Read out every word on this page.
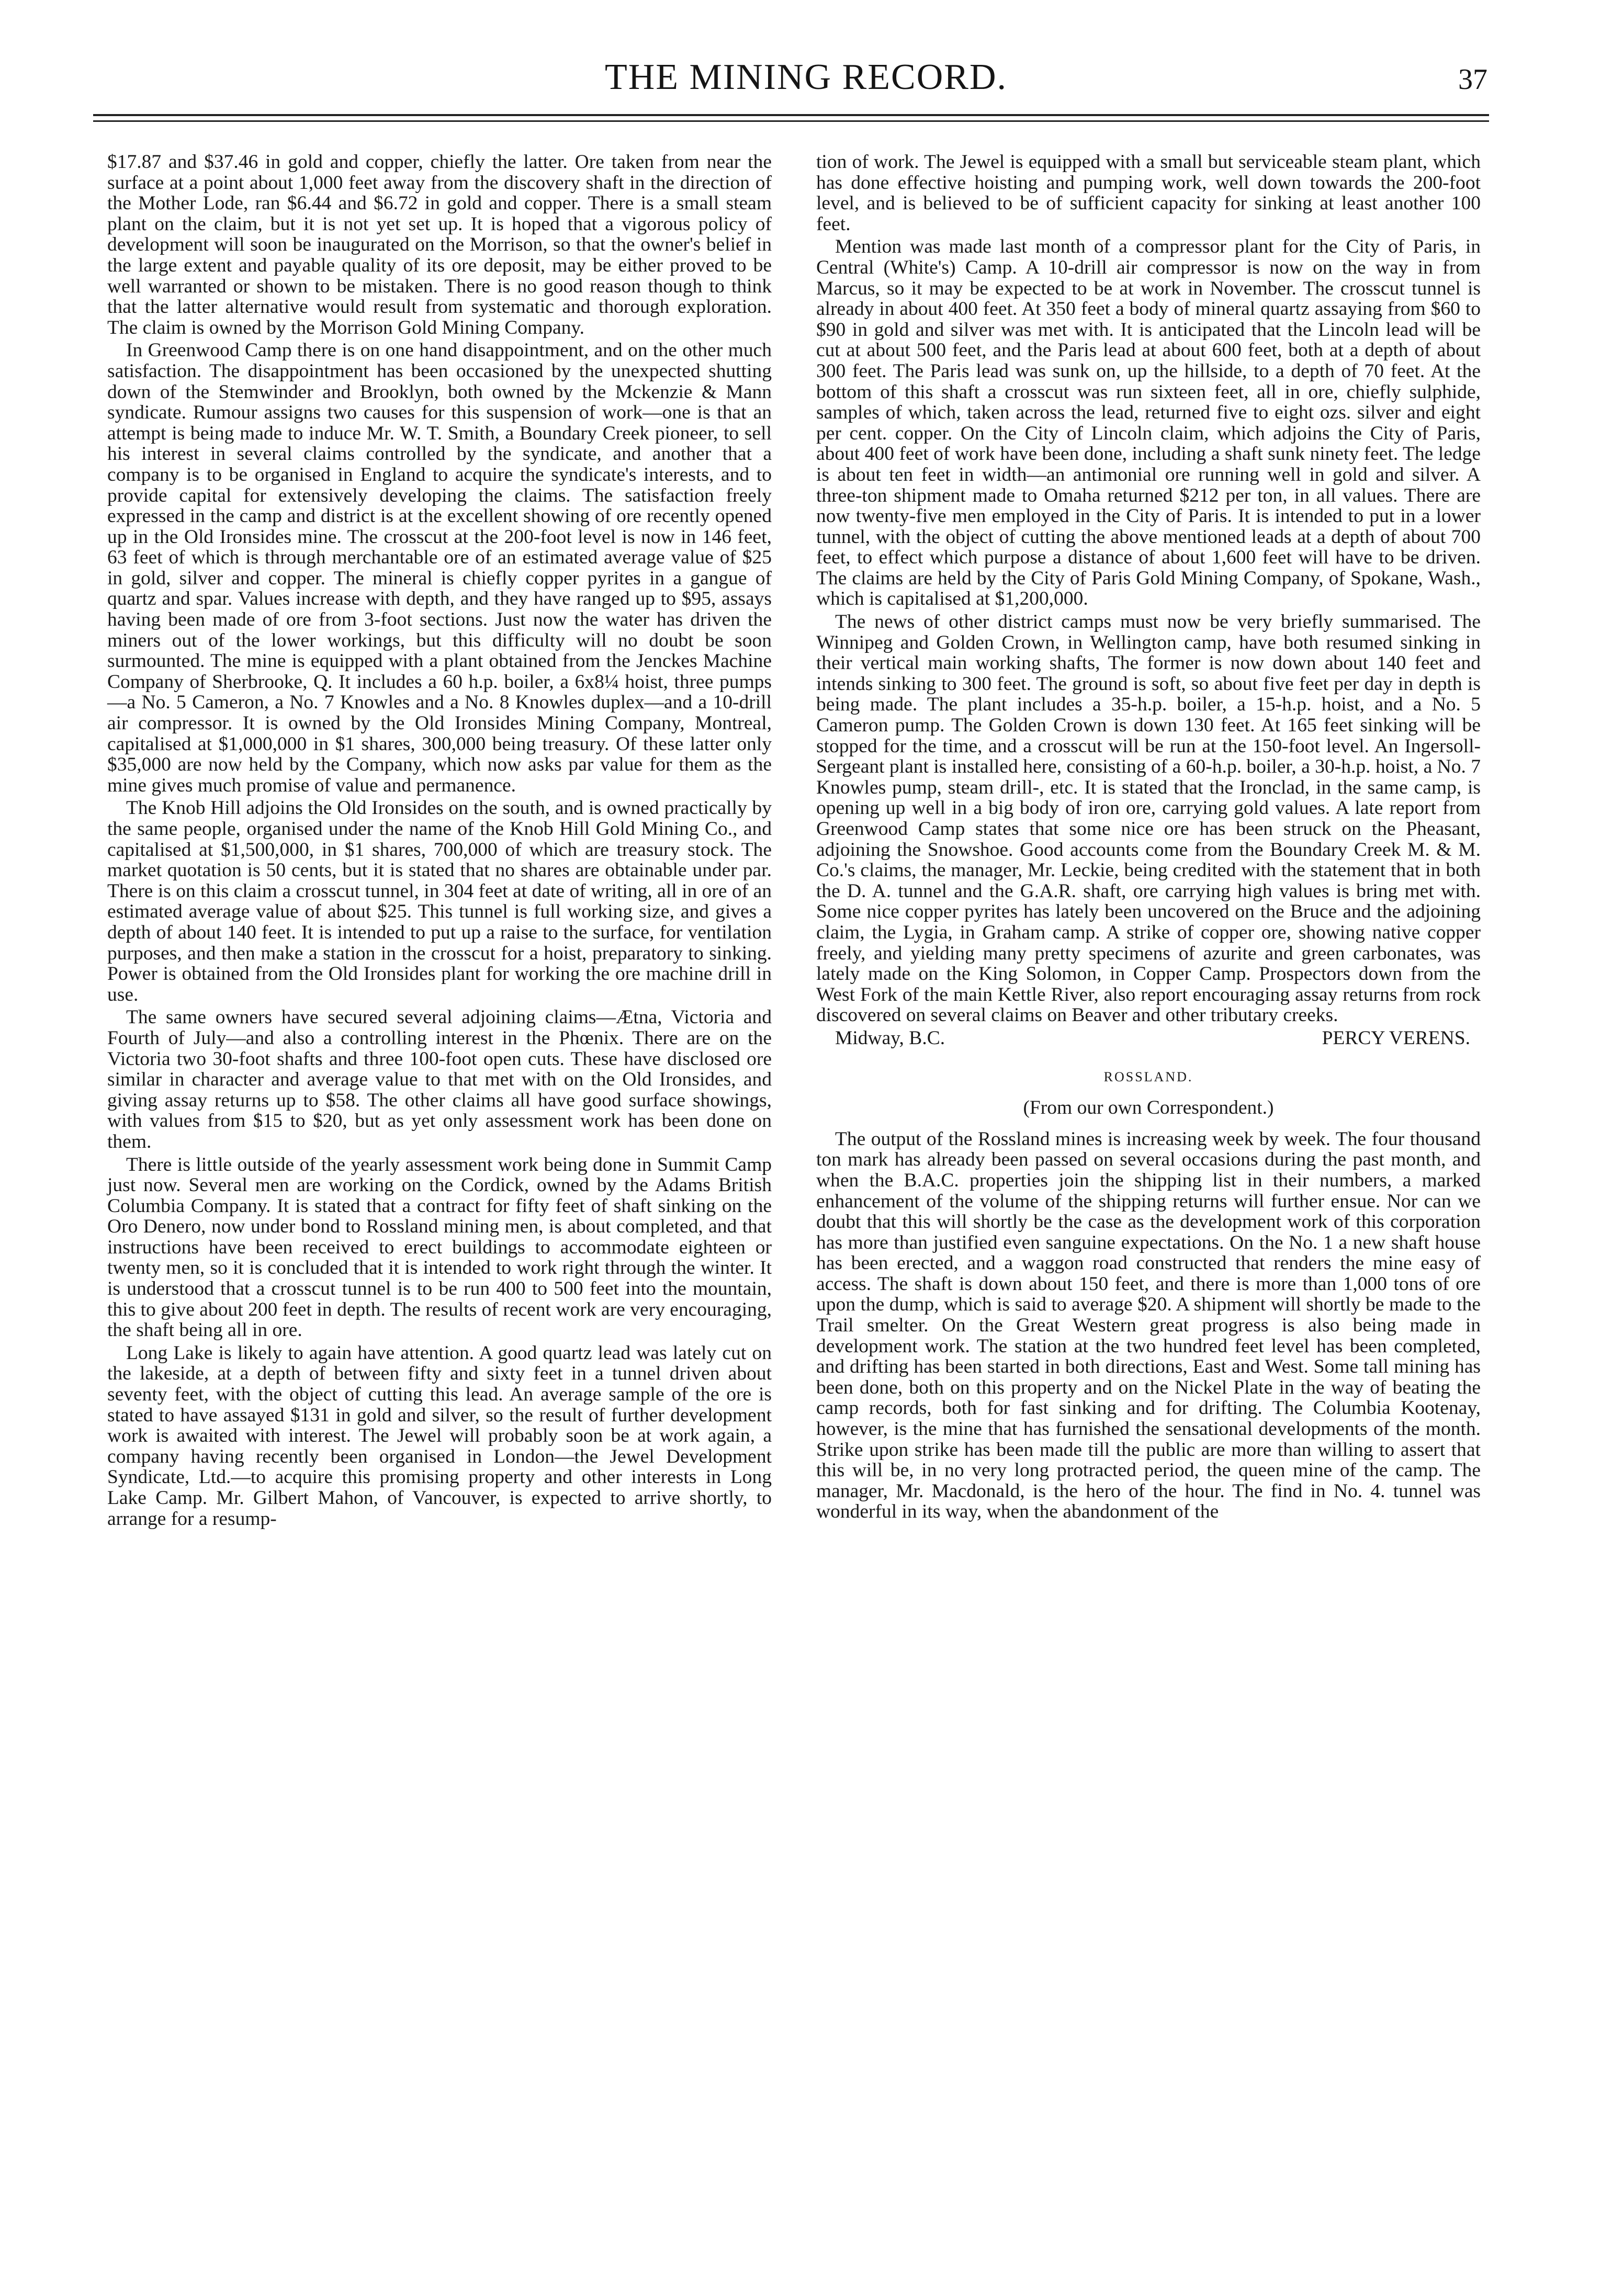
THE MINING RECORD.	37

$17.87 and $37.46 in gold and copper, chiefly the latter. Ore taken from near the surface at a point about 1,000 feet away from the discovery shaft in the direction of the Mother Lode, ran $6.44 and $6.72 in gold and copper. There is a small steam plant on the claim, but it is not yet set up. It is hoped that a vigorous policy of development will soon be inaugurated on the Morrison, so that the owner's belief in the large extent and payable quality of its ore deposit, may be either proved to be well warranted or shown to be mistaken. There is no good reason though to think that the latter alternative would result from systematic and thorough exploration. The claim is owned by the Morrison Gold Mining Company.

In Greenwood Camp there is on one hand disappointment, and on the other much satisfaction. The disappointment has been occasioned by the unexpected shutting down of the Stemwinder and Brooklyn, both owned by the Mckenzie & Mann syndicate. Rumour assigns two causes for this suspension of work—one is that an attempt is being made to induce Mr. W. T. Smith, a Boundary Creek pioneer, to sell his interest in several claims controlled by the syndicate, and another that a company is to be organised in England to acquire the syndicate's interests, and to provide capital for extensively developing the claims. The satisfaction freely expressed in the camp and district is at the excellent showing of ore recently opened up in the Old Ironsides mine. The crosscut at the 200-foot level is now in 146 feet, 63 feet of which is through merchantable ore of an estimated average value of $25 in gold, silver and copper. The mineral is chiefly copper pyrites in a gangue of quartz and spar. Values increase with depth, and they have ranged up to $95, assays having been made of ore from 3-foot sections. Just now the water has driven the miners out of the lower workings, but this difficulty will no doubt be soon surmounted. The mine is equipped with a plant obtained from the Jenckes Machine Company of Sherbrooke, Q. It includes a 60 h.p. boiler, a 6x8¼ hoist, three pumps—a No. 5 Cameron, a No. 7 Knowles and a No. 8 Knowles duplex—and a 10-drill air compressor. It is owned by the Old Ironsides Mining Company, Montreal, capitalised at $1,000,000 in $1 shares, 300,000 being treasury. Of these latter only $35,000 are now held by the Company, which now asks par value for them as the mine gives much promise of value and permanence.

The Knob Hill adjoins the Old Ironsides on the south, and is owned practically by the same people, organised under the name of the Knob Hill Gold Mining Co., and capitalised at $1,500,000, in $1 shares, 700,000 of which are treasury stock. The market quotation is 50 cents, but it is stated that no shares are obtainable under par. There is on this claim a crosscut tunnel, in 304 feet at date of writing, all in ore of an estimated average value of about $25. This tunnel is full working size, and gives a depth of about 140 feet. It is intended to put up a raise to the surface, for ventilation purposes, and then make a station in the crosscut for a hoist, preparatory to sinking. Power is obtained from the Old Ironsides plant for working the ore machine drill in use.

The same owners have secured several adjoining claims—Ætna, Victoria and Fourth of July—and also a controlling interest in the Phœnix. There are on the Victoria two 30-foot shafts and three 100-foot open cuts. These have disclosed ore similar in character and average value to that met with on the Old Ironsides, and giving assay returns up to $58. The other claims all have good surface showings, with values from $15 to $20, but as yet only assessment work has been done on them.

There is little outside of the yearly assessment work being done in Summit Camp just now. Several men are working on the Cordick, owned by the Adams British Columbia Company. It is stated that a contract for fifty feet of shaft sinking on the Oro Denero, now under bond to Rossland mining men, is about completed, and that instructions have been received to erect buildings to accommodate eighteen or twenty men, so it is concluded that it is intended to work right through the winter. It is understood that a crosscut tunnel is to be run 400 to 500 feet into the mountain, this to give about 200 feet in depth. The results of recent work are very encouraging, the shaft being all in ore.

Long Lake is likely to again have attention. A good quartz lead was lately cut on the lakeside, at a depth of between fifty and sixty feet in a tunnel driven about seventy feet, with the object of cutting this lead. An average sample of the ore is stated to have assayed $131 in gold and silver, so the result of further development work is awaited with interest. The Jewel will probably soon be at work again, a company having recently been organised in London—the Jewel Development Syndicate, Ltd.—to acquire this promising property and other interests in Long Lake Camp. Mr. Gilbert Mahon, of Vancouver, is expected to arrive shortly, to arrange for a resump-

tion of work. The Jewel is equipped with a small but serviceable steam plant, which has done effective hoisting and pumping work, well down towards the 200-foot level, and is believed to be of sufficient capacity for sinking at least another 100 feet.

Mention was made last month of a compressor plant for the City of Paris, in Central (White's) Camp. A 10-drill air compressor is now on the way in from Marcus, so it may be expected to be at work in November. The crosscut tunnel is already in about 400 feet. At 350 feet a body of mineral quartz assaying from $60 to $90 in gold and silver was met with. It is anticipated that the Lincoln lead will be cut at about 500 feet, and the Paris lead at about 600 feet, both at a depth of about 300 feet. The Paris lead was sunk on, up the hillside, to a depth of 70 feet. At the bottom of this shaft a crosscut was run sixteen feet, all in ore, chiefly sulphide, samples of which, taken across the lead, returned five to eight ozs. silver and eight per cent. copper. On the City of Lincoln claim, which adjoins the City of Paris, about 400 feet of work have been done, including a shaft sunk ninety feet. The ledge is about ten feet in width—an antimonial ore running well in gold and silver. A three-ton shipment made to Omaha returned $212 per ton, in all values. There are now twenty-five men employed in the City of Paris. It is intended to put in a lower tunnel, with the object of cutting the above mentioned leads at a depth of about 700 feet, to effect which purpose a distance of about 1,600 feet will have to be driven. The claims are held by the City of Paris Gold Mining Company, of Spokane, Wash., which is capitalised at $1,200,000.

The news of other district camps must now be very briefly summarised. The Winnipeg and Golden Crown, in Wellington camp, have both resumed sinking in their vertical main working shafts, The former is now down about 140 feet and intends sinking to 300 feet. The ground is soft, so about five feet per day in depth is being made. The plant includes a 35-h.p. boiler, a 15-h.p. hoist, and a No. 5 Cameron pump. The Golden Crown is down 130 feet. At 165 feet sinking will be stopped for the time, and a crosscut will be run at the 150-foot level. An Ingersoll-Sergeant plant is installed here, consisting of a 60-h.p. boiler, a 30-h.p. hoist, a No. 7 Knowles pump, steam drill-, etc. It is stated that the Ironclad, in the same camp, is opening up well in a big body of iron ore, carrying gold values. A late report from Greenwood Camp states that some nice ore has been struck on the Pheasant, adjoining the Snowshoe. Good accounts come from the Boundary Creek M. & M. Co.'s claims, the manager, Mr. Leckie, being credited with the statement that in both the D. A. tunnel and the G.A.R. shaft, ore carrying high values is bring met with. Some nice copper pyrites has lately been uncovered on the Bruce and the adjoining claim, the Lygia, in Graham camp. A strike of copper ore, showing native copper freely, and yielding many pretty specimens of azurite and green carbonates, was lately made on the King Solomon, in Copper Camp. Prospectors down from the West Fork of the main Kettle River, also report encouraging assay returns from rock discovered on several claims on Beaver and other tributary creeks.

Midway, B.C.	PERCY VERENS.
ROSSLAND.
(From our own Correspondent.)

The output of the Rossland mines is increasing week by week. The four thousand ton mark has already been passed on several occasions during the past month, and when the B.A.C. properties join the shipping list in their numbers, a marked enhancement of the volume of the shipping returns will further ensue. Nor can we doubt that this will shortly be the case as the development work of this corporation has more than justified even sanguine expectations. On the No. 1 a new shaft house has been erected, and a waggon road constructed that renders the mine easy of access. The shaft is down about 150 feet, and there is more than 1,000 tons of ore upon the dump, which is said to average $20. A shipment will shortly be made to the Trail smelter. On the Great Western great progress is also being made in development work. The station at the two hundred feet level has been completed, and drifting has been started in both directions, East and West. Some tall mining has been done, both on this property and on the Nickel Plate in the way of beating the camp records, both for fast sinking and for drifting. The Columbia Kootenay, however, is the mine that has furnished the sensational developments of the month. Strike upon strike has been made till the public are more than willing to assert that this will be, in no very long protracted period, the queen mine of the camp. The manager, Mr. Macdonald, is the hero of the hour. The find in No. 4. tunnel was wonderful in its way, when the abandonment of the
